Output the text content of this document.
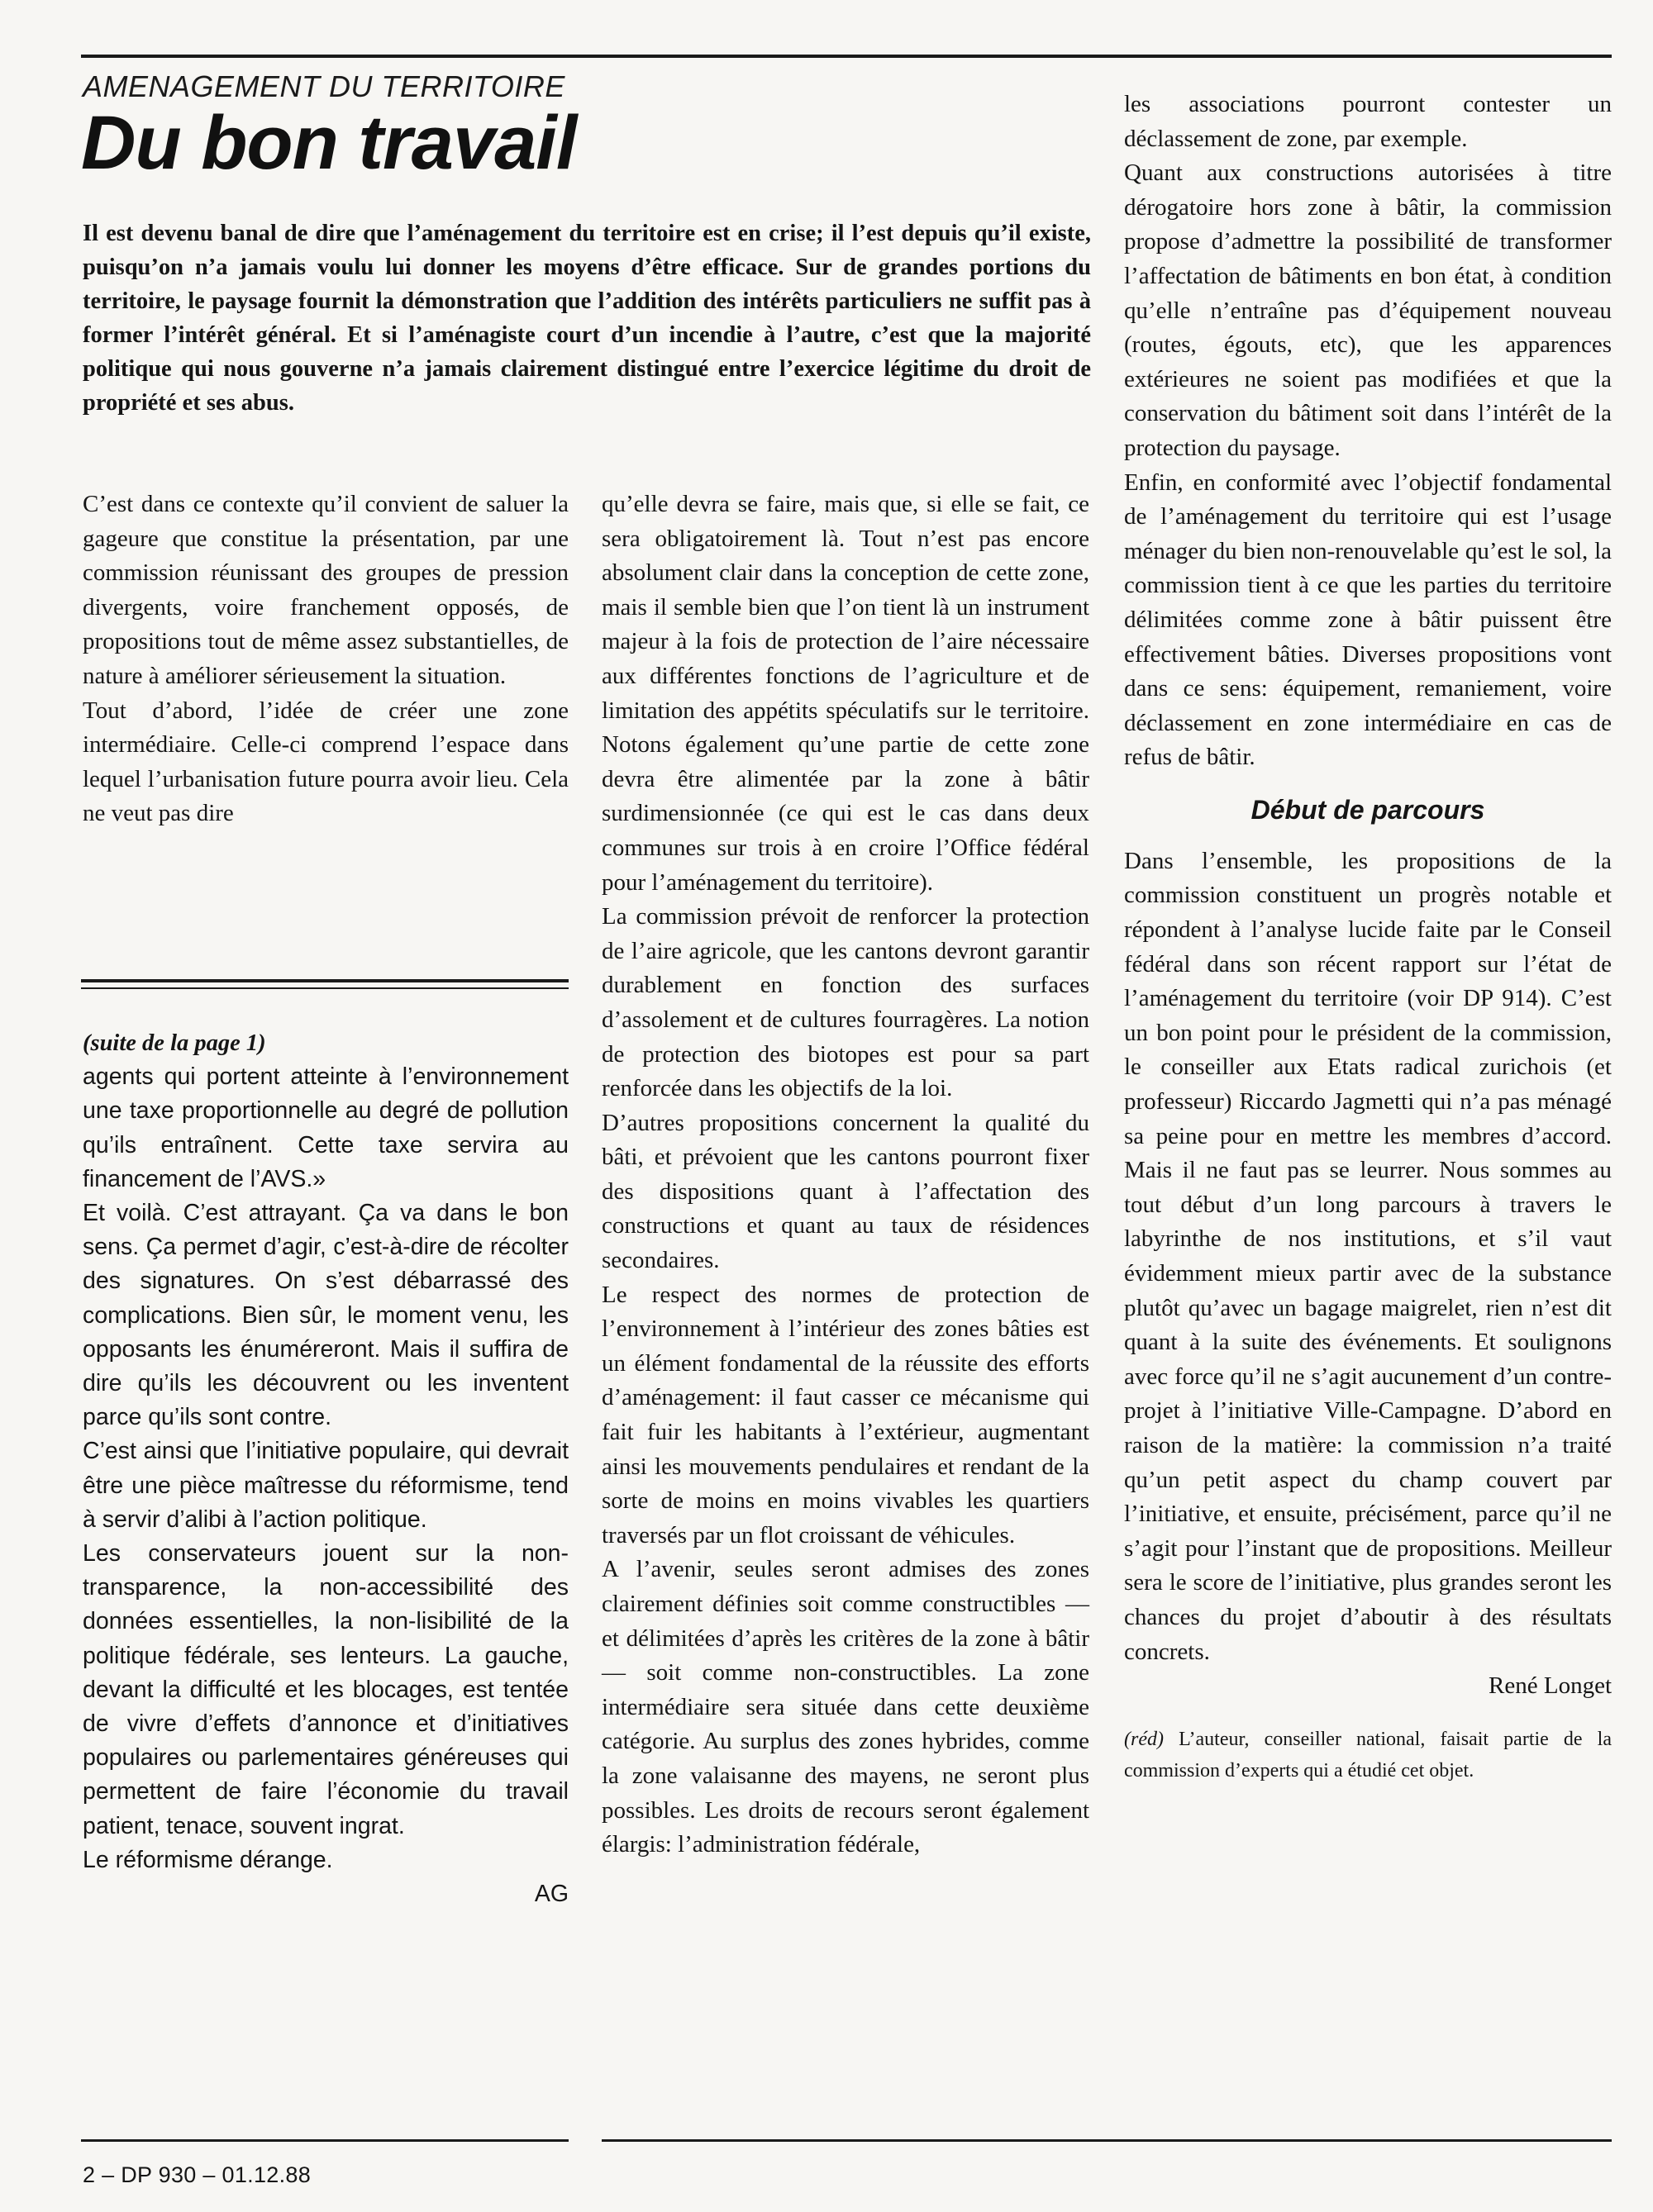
AMENAGEMENT DU TERRITOIRE
Du bon travail

Il est devenu banal de dire que l’aménagement du territoire est en crise; il l’est depuis qu’il existe, puisqu’on n’a jamais voulu lui donner les moyens d’être efficace. Sur de grandes portions du territoire, le paysage fournit la démonstration que l’addition des intérêts particuliers ne suffit pas à former l’intérêt général. Et si l’aménagiste court d’un incendie à l’autre, c’est que la majorité politique qui nous gouverne n’a jamais clairement distingué entre l’exercice légitime du droit de propriété et ses abus.

C’est dans ce contexte qu’il convient de saluer la gageure que constitue la présentation, par une commission réunissant des groupes de pression divergents, voire franchement opposés, de propositions tout de même assez substantielles, de nature à améliorer sérieusement la situation.

Tout d’abord, l’idée de créer une zone intermédiaire. Celle-ci comprend l’espace dans lequel l’urbanisation future pourra avoir lieu. Cela ne veut pas dire

(suite de la page 1)

agents qui portent atteinte à l’environnement une taxe proportionnelle au degré de pollution qu’ils entraînent. Cette taxe servira au financement de l’AVS.»

Et voilà. C’est attrayant. Ça va dans le bon sens. Ça permet d’agir, c’est-à-dire de récolter des signatures. On s’est débarrassé des complications. Bien sûr, le moment venu, les opposants les énuméreront. Mais il suffira de dire qu’ils les découvrent ou les inventent parce qu’ils sont contre.

C’est ainsi que l’initiative populaire, qui devrait être une pièce maîtresse du réformisme, tend à servir d’alibi à l’action politique.

Les conservateurs jouent sur la non-transparence, la non-accessibilité des données essentielles, la non-lisibilité de la politique fédérale, ses lenteurs. La gauche, devant la difficulté et les blocages, est tentée de vivre d’effets d’annonce et d’initiatives populaires ou parlementaires généreuses qui permettent de faire l’économie du travail patient, tenace, souvent ingrat.

Le réformisme dérange.

AG

qu’elle devra se faire, mais que, si elle se fait, ce sera obligatoirement là. Tout n’est pas encore absolument clair dans la conception de cette zone, mais il semble bien que l’on tient là un instrument majeur à la fois de protection de l’aire nécessaire aux différentes fonctions de l’agriculture et de limitation des appétits spéculatifs sur le territoire. Notons également qu’une partie de cette zone devra être alimentée par la zone à bâtir surdimensionnée (ce qui est le cas dans deux communes sur trois à en croire l’Office fédéral pour l’aménagement du territoire).

La commission prévoit de renforcer la protection de l’aire agricole, que les cantons devront garantir durablement en fonction des surfaces d’assolement et de cultures fourragères. La notion de protection des biotopes est pour sa part renforcée dans les objectifs de la loi.

D’autres propositions concernent la qualité du bâti, et prévoient que les cantons pourront fixer des dispositions quant à l’affectation des constructions et quant au taux de résidences secondaires.

Le respect des normes de protection de l’environnement à l’intérieur des zones bâties est un élément fondamental de la réussite des efforts d’aménagement: il faut casser ce mécanisme qui fait fuir les habitants à l’extérieur, augmentant ainsi les mouvements pendulaires et rendant de la sorte de moins en moins vivables les quartiers traversés par un flot croissant de véhicules.

A l’avenir, seules seront admises des zones clairement définies soit comme constructibles — et délimitées d’après les critères de la zone à bâtir — soit comme non-constructibles. La zone intermédiaire sera située dans cette deuxième catégorie. Au surplus des zones hybrides, comme la zone valaisanne des mayens, ne seront plus possibles. Les droits de recours seront également élargis: l’administration fédérale,

les associations pourront contester un déclassement de zone, par exemple.

Quant aux constructions autorisées à titre dérogatoire hors zone à bâtir, la commission propose d’admettre la possibilité de transformer l’affectation de bâtiments en bon état, à condition qu’elle n’entraîne pas d’équipement nouveau (routes, égouts, etc), que les apparences extérieures ne soient pas modifiées et que la conservation du bâtiment soit dans l’intérêt de la protection du paysage.

Enfin, en conformité avec l’objectif fondamental de l’aménagement du territoire qui est l’usage ménager du bien non-renouvelable qu’est le sol, la commission tient à ce que les parties du territoire délimitées comme zone à bâtir puissent être effectivement bâties. Diverses propositions vont dans ce sens: équipement, remaniement, voire déclassement en zone intermédiaire en cas de refus de bâtir.

Début de parcours

Dans l’ensemble, les propositions de la commission constituent un progrès notable et répondent à l’analyse lucide faite par le Conseil fédéral dans son récent rapport sur l’état de l’aménagement du territoire (voir DP 914). C’est un bon point pour le président de la commission, le conseiller aux Etats radical zurichois (et professeur) Riccardo Jagmetti qui n’a pas ménagé sa peine pour en mettre les membres d’accord. Mais il ne faut pas se leurrer. Nous sommes au tout début d’un long parcours à travers le labyrinthe de nos institutions, et s’il vaut évidemment mieux partir avec de la substance plutôt qu’avec un bagage maigrelet, rien n’est dit quant à la suite des événements. Et soulignons avec force qu’il ne s’agit aucunement d’un contre-projet à l’initiative Ville-Campagne. D’abord en raison de la matière: la commission n’a traité qu’un petit aspect du champ couvert par l’initiative, et ensuite, précisément, parce qu’il ne s’agit pour l’instant que de propositions. Meilleur sera le score de l’initiative, plus grandes seront les chances du projet d’aboutir à des résultats concrets.

René Longet

(réd) L’auteur, conseiller national, faisait partie de la commission d’experts qui a étudié cet objet.

2 – DP 930 – 01.12.88
